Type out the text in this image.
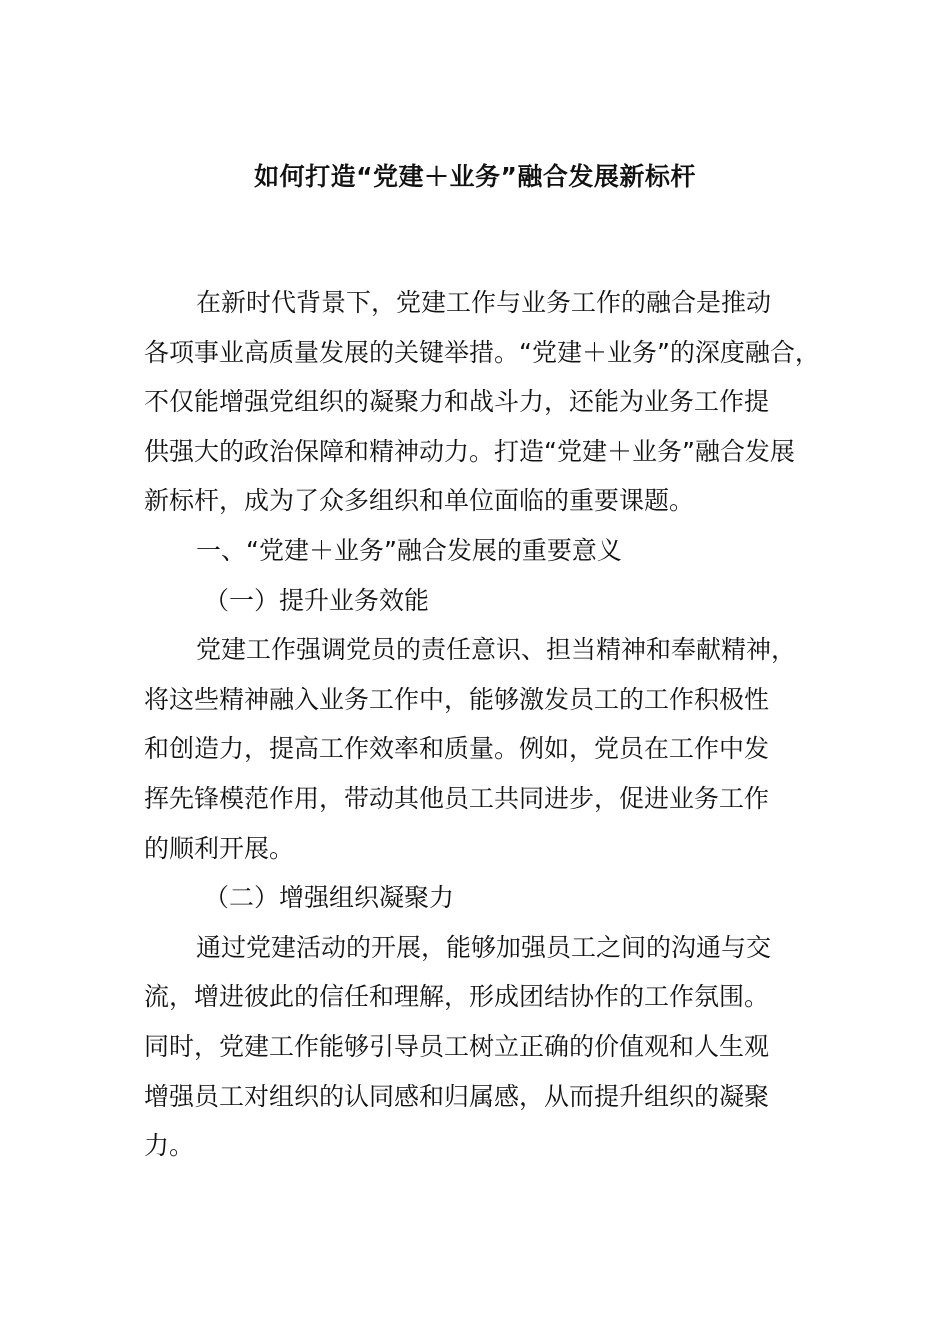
如何打造“党建＋业务”融合发展新标杆
在新时代背景下，党建工作与业务工作的融合是推动
各项事业高质量发展的关键举措。“党建＋业务”的深度融合，
不仅能增强党组织的凝聚力和战斗力，还能为业务工作提
供强大的政治保障和精神动力。打造“党建＋业务”融合发展
新标杆，成为了众多组织和单位面临的重要课题。
一、“党建＋业务”融合发展的重要意义
（一）提升业务效能
党建工作强调党员的责任意识、担当精神和奉献精神，
将这些精神融入业务工作中，能够激发员工的工作积极性
和创造力，提高工作效率和质量。例如，党员在工作中发
挥先锋模范作用，带动其他员工共同进步，促进业务工作
的顺利开展。
（二）增强组织凝聚力
通过党建活动的开展，能够加强员工之间的沟通与交
流，增进彼此的信任和理解，形成团结协作的工作氛围。
同时，党建工作能够引导员工树立正确的价值观和人生观
增强员工对组织的认同感和归属感，从而提升组织的凝聚
力。
